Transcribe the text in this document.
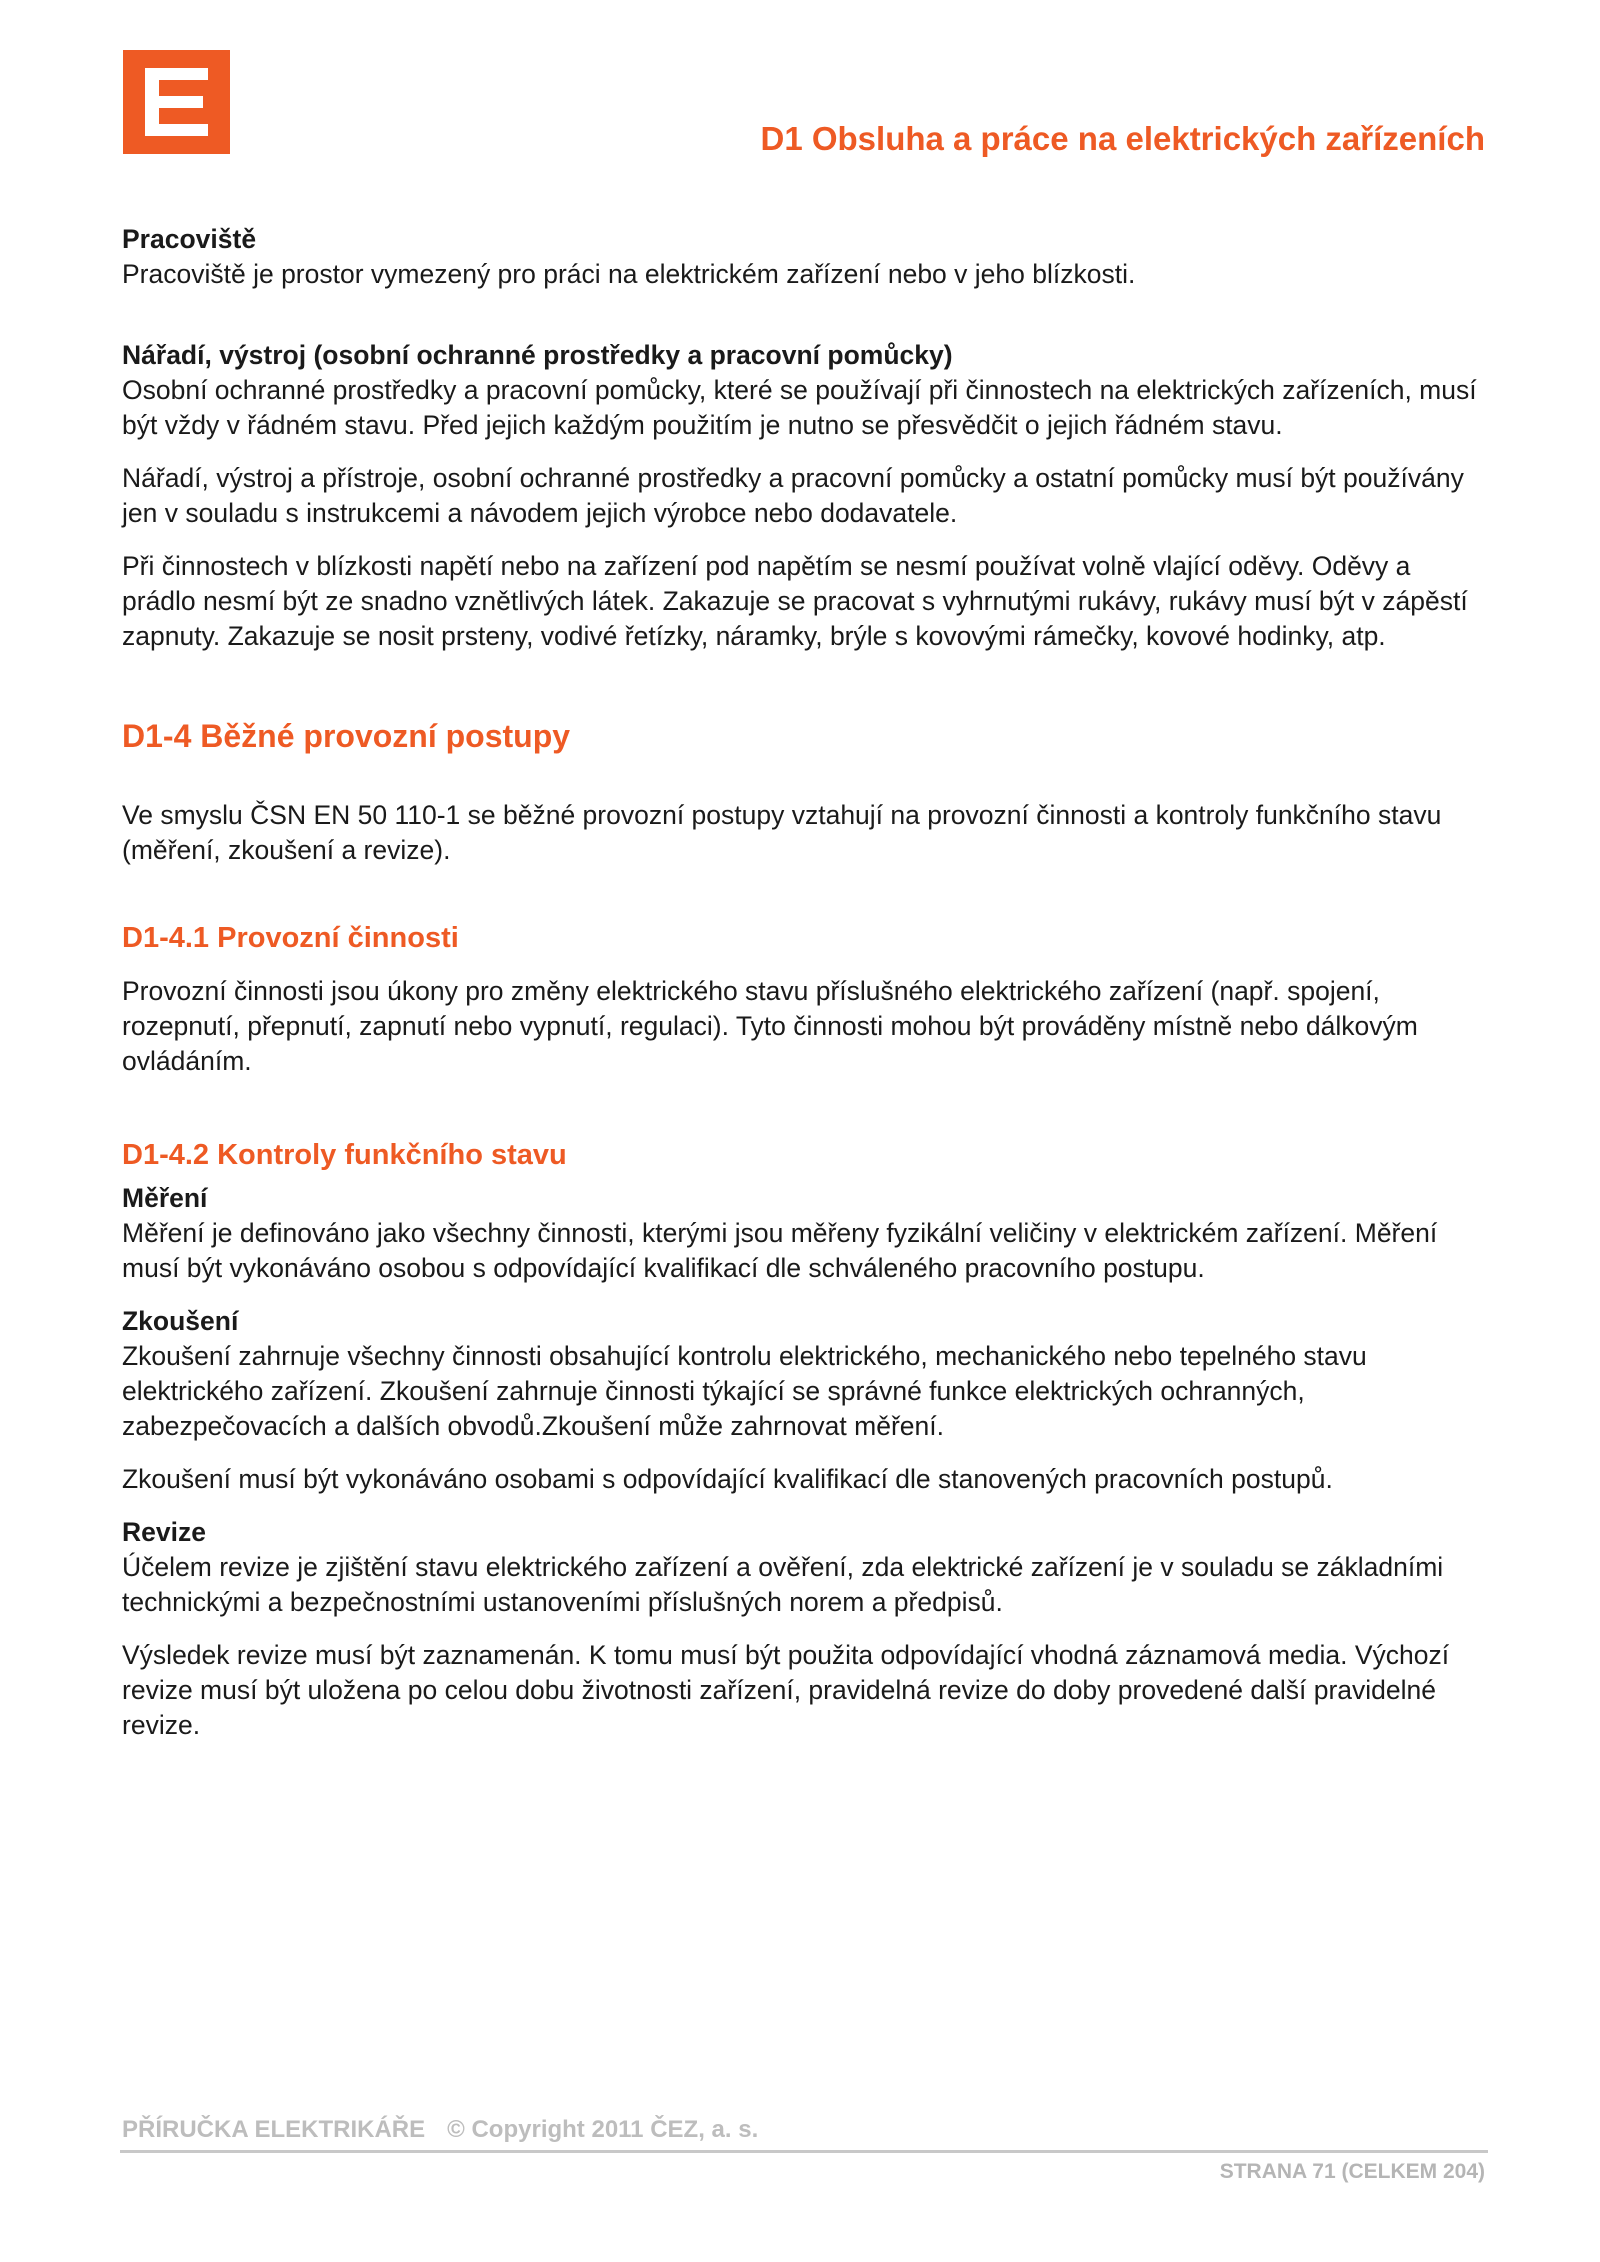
D1 Obsluha a práce na elektrických zařízeních
Pracoviště

Pracoviště je prostor vymezený pro práci na elektrickém zařízení nebo v jeho blízkosti.

Nářadí, výstroj (osobní ochranné prostředky a pracovní pomůcky)

Osobní ochranné prostředky a pracovní pomůcky, které se používají při činnostech na elektrických zařízeních, musí být vždy v řádném stavu. Před jejich každým použitím je nutno se přesvědčit o jejich řádném stavu.

Nářadí, výstroj a přístroje, osobní ochranné prostředky a pracovní pomůcky a ostatní pomůcky musí být používány jen v souladu s instrukcemi a návodem jejich výrobce nebo dodavatele.

Při činnostech v blízkosti napětí nebo na zařízení pod napětím se nesmí používat volně vlající oděvy. Oděvy a prádlo nesmí být ze snadno vznětlivých látek. Zakazuje se pracovat s vyhrnutými rukávy, rukávy musí být v zápěstí zapnuty. Zakazuje se nosit prsteny, vodivé řetízky, náramky, brýle s kovovými rámečky, kovové hodinky, atp.

D1-4 Běžné provozní postupy

Ve smyslu ČSN EN 50 110-1 se běžné provozní postupy vztahují na provozní činnosti a kontroly funkčního stavu (měření, zkoušení a revize).

D1-4.1 Provozní činnosti

Provozní činnosti jsou úkony pro změny elektrického stavu příslušného elektrického zařízení (např. spojení, rozepnutí, přepnutí, zapnutí nebo vypnutí, regulaci). Tyto činnosti mohou být prováděny místně nebo dálkovým ovládáním.

D1-4.2 Kontroly funkčního stavu
Měření

Měření je definováno jako všechny činnosti, kterými jsou měřeny fyzikální veličiny v elektrickém zařízení. Měření musí být vykonáváno osobou s odpovídající kvalifikací dle schváleného pracovního postupu.

Zkoušení

Zkoušení zahrnuje všechny činnosti obsahující kontrolu elektrického, mechanického nebo tepelného stavu elektrického zařízení. Zkoušení zahrnuje činnosti týkající se správné funkce elektrických ochranných, zabezpečovacích a dalších obvodů.Zkoušení může zahrnovat měření.

Zkoušení musí být vykonáváno osobami s odpovídající kvalifikací dle stanovených pracovních postupů.

Revize

Účelem revize je zjištění stavu elektrického zařízení a ověření, zda elektrické zařízení je v souladu se základními technickými a bezpečnostními ustanoveními příslušných norem a předpisů.

Výsledek revize musí být zaznamenán. K tomu musí být použita odpovídající vhodná záznamová media. Výchozí revize musí být uložena po celou dobu životnosti zařízení, pravidelná revize do doby provedené další pravidelné revize.

PŘÍRUČKA ELEKTRIKÁŘE © Copyright 2011 ČEZ, a. s.
STRANA 71 (CELKEM 204)
